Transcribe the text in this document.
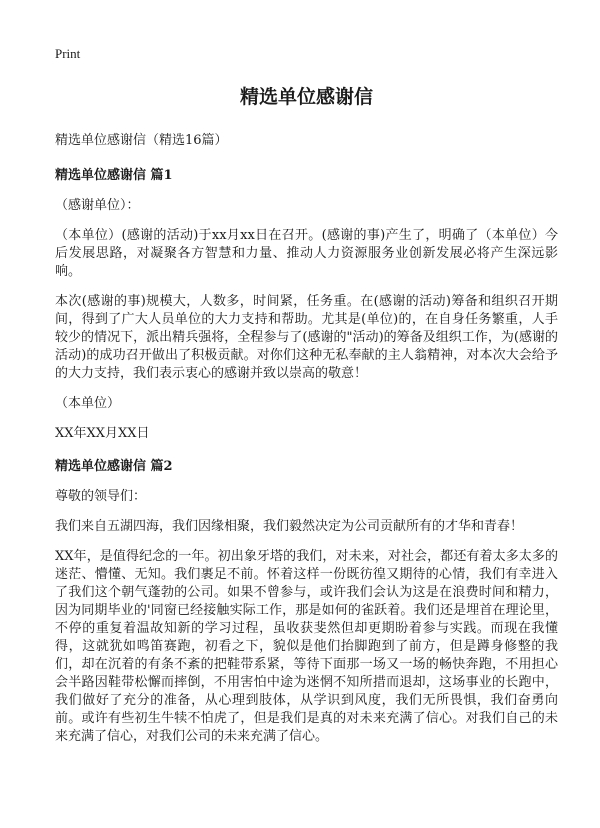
Print
精选单位感谢信
精选单位感谢信（精选16篇）
精选单位感谢信 篇1

（感谢单位）：

（本单位）(感谢的活动)于xx月xx日在召开。(感谢的事)产生了，明确了（本单位）今后发展思路，对凝聚各方智慧和力量、推动人力资源服务业创新发展必将产生深远影响。

本次(感谢的事)规模大，人数多，时间紧，任务重。在(感谢的活动)筹备和组织召开期间，得到了广大人员单位的大力支持和帮助。尤其是(单位)的，在自身任务繁重，人手较少的情况下，派出精兵强将，全程参与了(感谢的"活动)的筹备及组织工作，为(感谢的活动)的成功召开做出了积极贡献。对你们这种无私奉献的主人翁精神，对本次大会给予的大力支持，我们表示衷心的感谢并致以崇高的敬意！

（本单位）

XX年XX月XX日

精选单位感谢信 篇2

尊敬的领导们：

我们来自五湖四海，我们因缘相聚，我们毅然决定为公司贡献所有的才华和青春！

XX年，是值得纪念的一年。初出象牙塔的我们，对未来，对社会，都还有着太多太多的迷茫、懵懂、无知。我们裹足不前。怀着这样一份既彷徨又期待的心情，我们有幸进入了我们这个朝气蓬勃的公司。如果不曾参与，或许我们会认为这是在浪费时间和精力，因为同期毕业的'同窗已经接触实际工作，那是如何的雀跃着。我们还是埋首在理论里，不停的重复着温故知新的学习过程，虽收获斐然但却更期盼着参与实践。而现在我懂得，这就犹如鸣笛赛跑，初看之下，貌似是他们抬脚跑到了前方，但是蹲身修整的我们，却在沉着的有条不紊的把鞋带系紧，等待下面那一场又一场的畅快奔跑，不用担心会半路因鞋带松懈而摔倒，不用害怕中途为迷惘不知所措而退却，这场事业的长跑中，我们做好了充分的准备，从心理到肢体，从学识到风度，我们无所畏惧，我们奋勇向前。或许有些初生牛犊不怕虎了，但是我们是真的对未来充满了信心。对我们自己的未来充满了信心，对我们公司的未来充满了信心。
